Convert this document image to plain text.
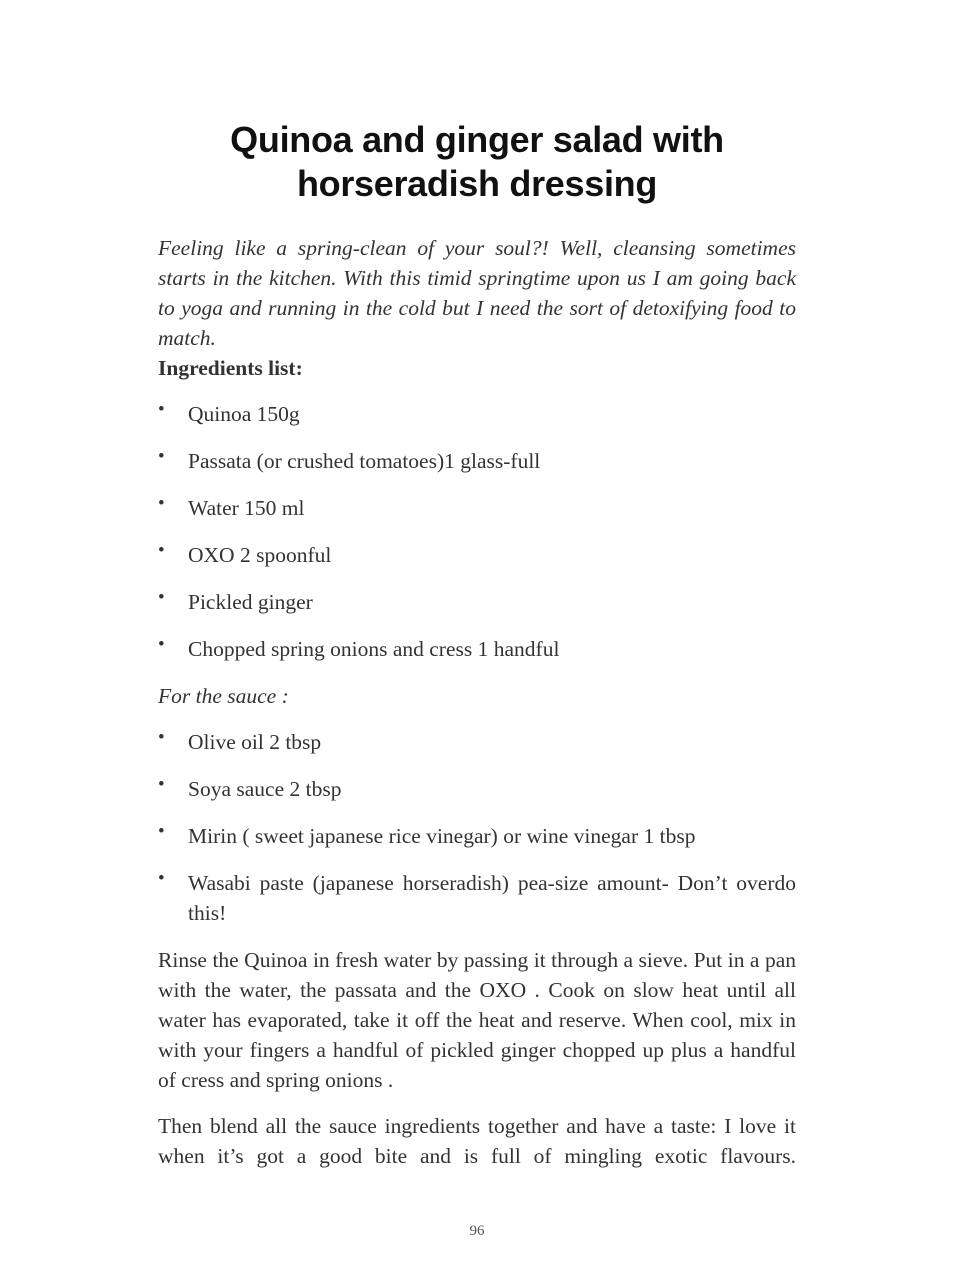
Quinoa and ginger salad with
horseradish dressing

Feeling like a spring-clean of your soul?! Well, cleansing sometimes starts in the kitchen. With this timid springtime upon us I am going back to yoga and running in the cold but I need the sort of detoxifying food to match.

Ingredients list:

• Quinoa 150g
• Passata (or crushed tomatoes)1 glass-full
• Water 150 ml
• OXO 2 spoonful
• Pickled ginger
• Chopped spring onions and cress 1 handful

For the sauce :

• Olive oil 2 tbsp
• Soya sauce 2 tbsp
• Mirin ( sweet japanese rice vinegar) or wine vinegar 1 tbsp
• Wasabi paste (japanese horseradish) pea-size amount- Don’t overdo this!

Rinse the Quinoa in fresh water by passing it through a sieve. Put in a pan with the water, the passata and the OXO . Cook on slow heat until all water has evaporated, take it off the heat and reserve. When cool, mix in with your fingers a handful of pickled ginger chopped up plus a handful of cress and spring onions .

Then blend all the sauce ingredients together and have a taste: I love it when it’s got a good bite and is full of mingling exotic flavours.

96
